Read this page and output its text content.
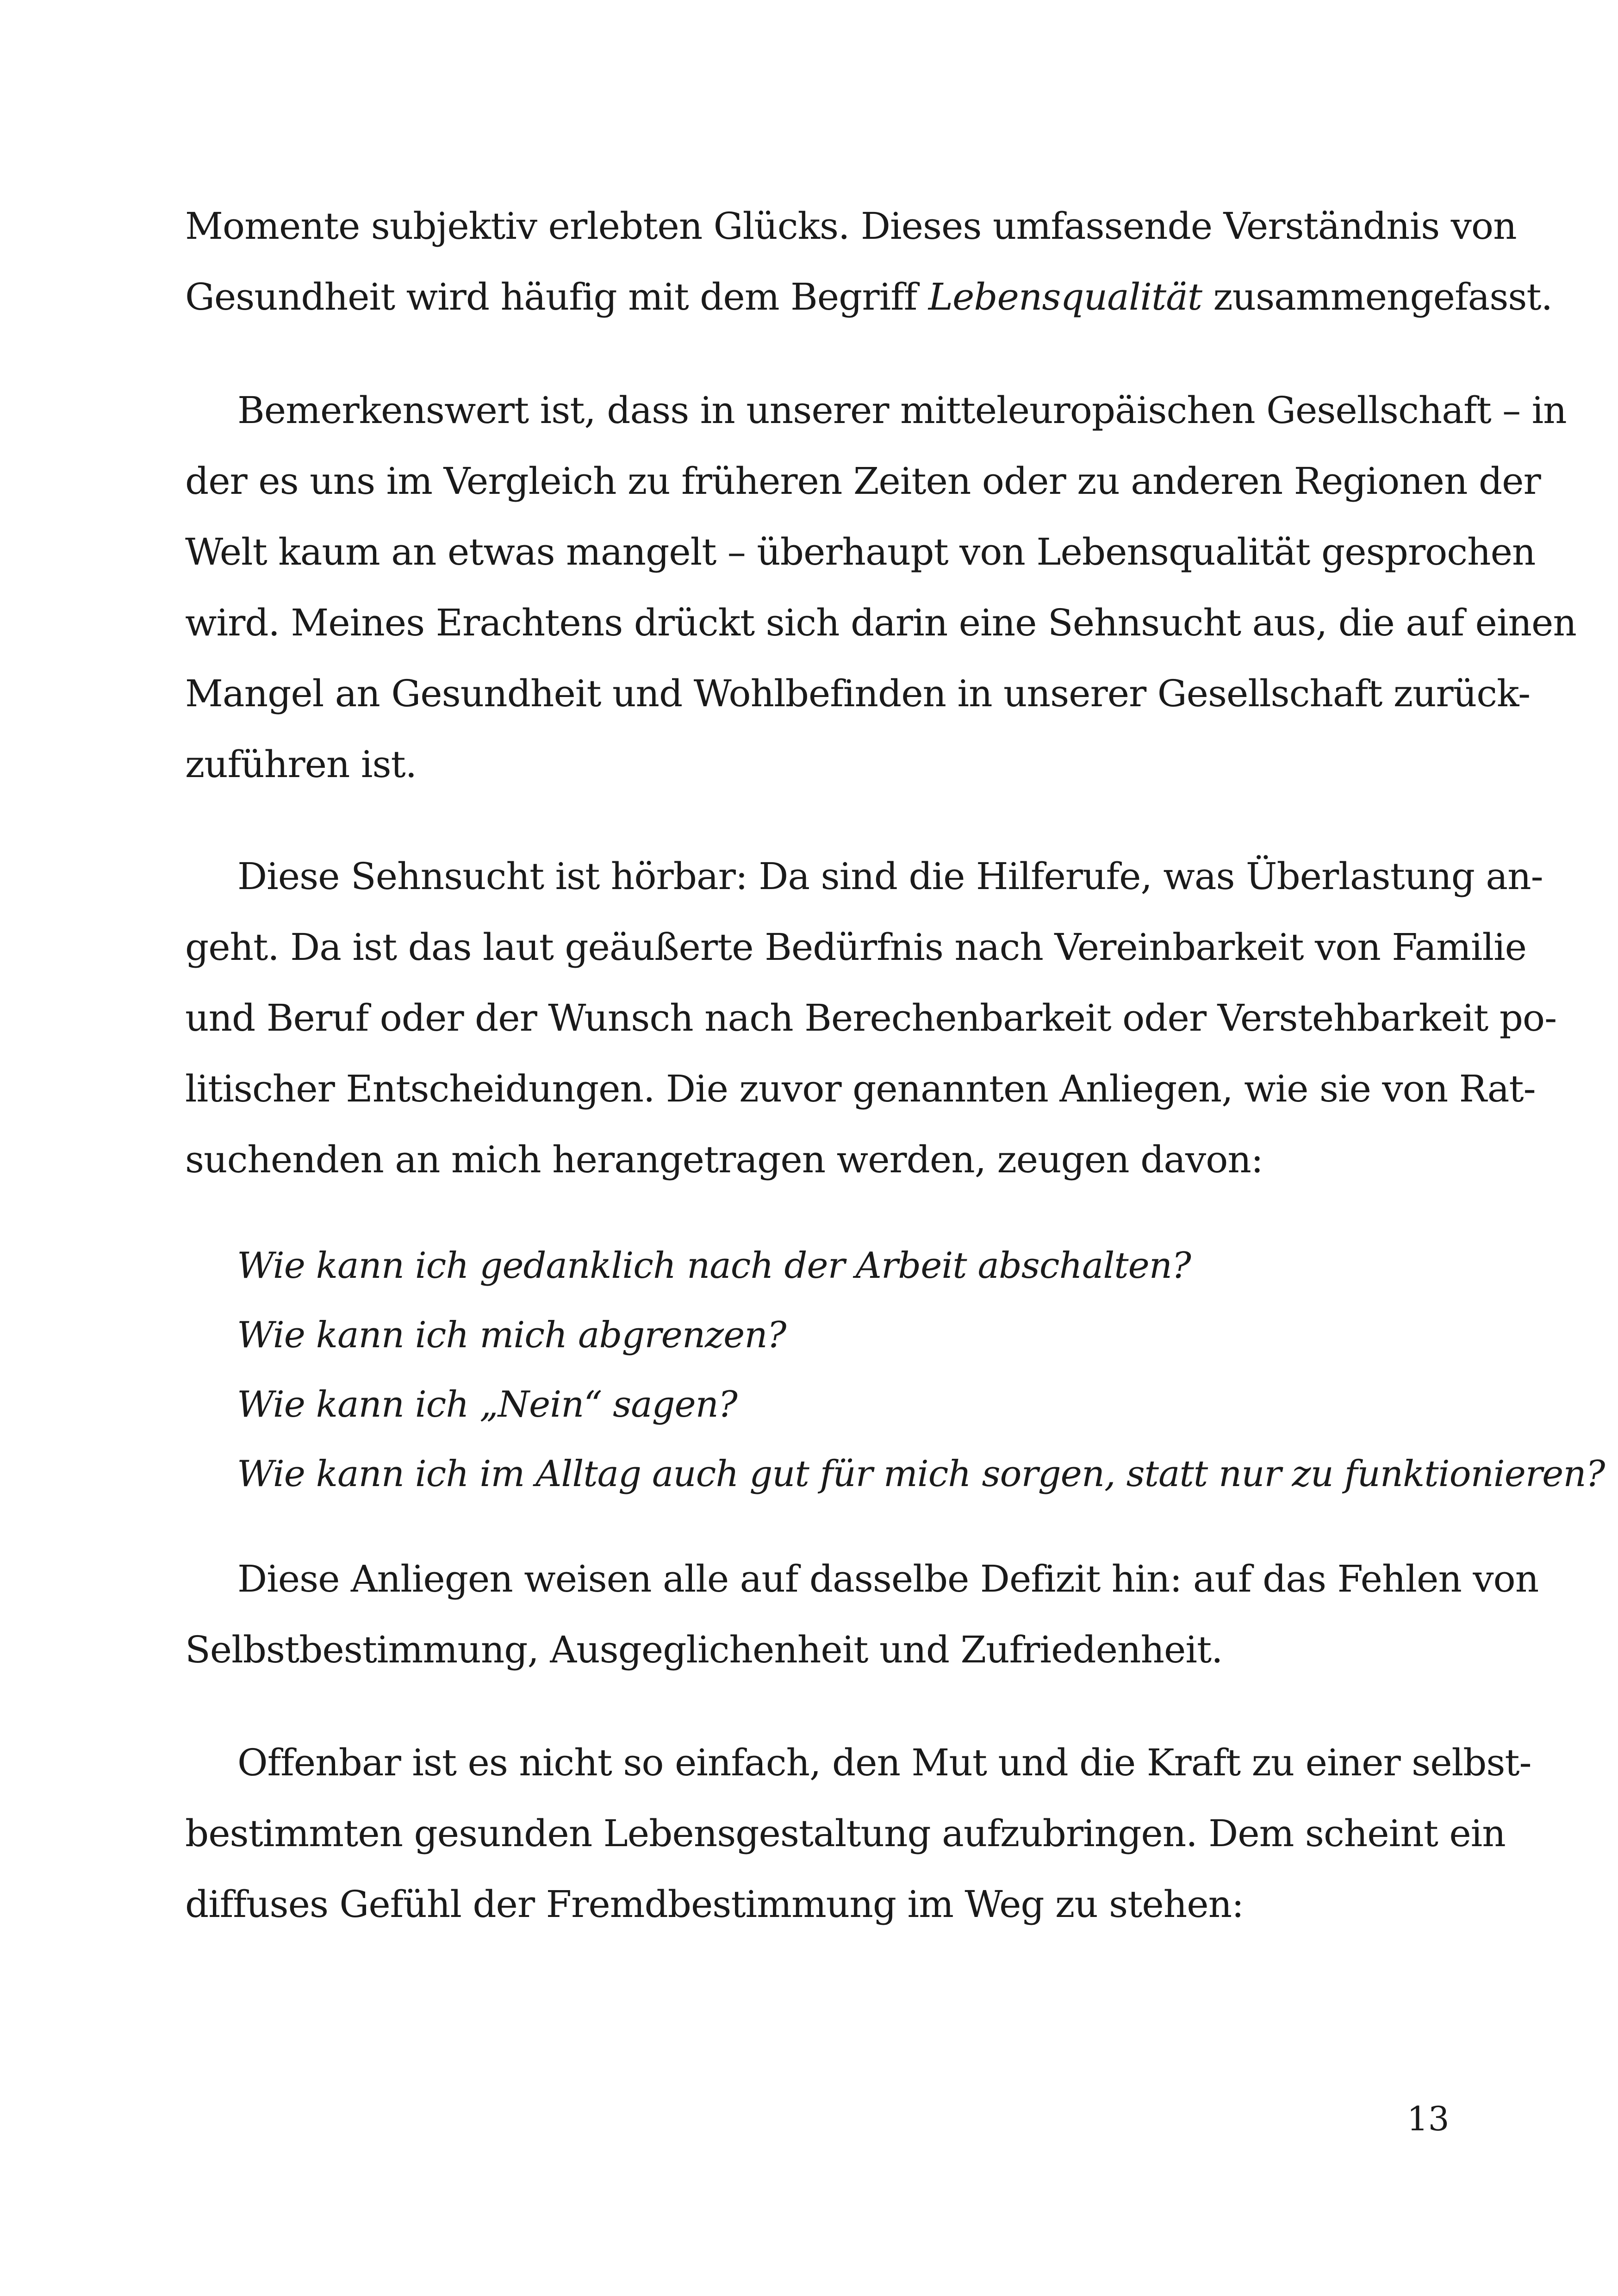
Momente subjektiv erlebten Glücks. Dieses umfassende Verständnis von
Gesundheit wird häufig mit dem Begriff Lebensqualität zusammengefasst.
Bemerkenswert ist, dass in unserer mitteleuropäischen Gesellschaft – in
der es uns im Vergleich zu früheren Zeiten oder zu anderen Regionen der
Welt kaum an etwas mangelt – überhaupt von Lebensqualität gesprochen
wird. Meines Erachtens drückt sich darin eine Sehnsucht aus, die auf einen
Mangel an Gesundheit und Wohlbefinden in unserer Gesellschaft zurück-
zuführen ist.
Diese Sehnsucht ist hörbar: Da sind die Hilferufe, was Überlastung an-
geht. Da ist das laut geäußerte Bedürfnis nach Vereinbarkeit von Familie
und Beruf oder der Wunsch nach Berechenbarkeit oder Verstehbarkeit po-
litischer Entscheidungen. Die zuvor genannten Anliegen, wie sie von Rat-
suchenden an mich herangetragen werden, zeugen davon:
Wie kann ich gedanklich nach der Arbeit abschalten?
Wie kann ich mich abgrenzen?
Wie kann ich „Nein“ sagen?
Wie kann ich im Alltag auch gut für mich sorgen, statt nur zu funktionieren?
Diese Anliegen weisen alle auf dasselbe Defizit hin: auf das Fehlen von
Selbstbestimmung, Ausgeglichenheit und Zufriedenheit.
Offenbar ist es nicht so einfach, den Mut und die Kraft zu einer selbst-
bestimmten gesunden Lebensgestaltung aufzubringen. Dem scheint ein
diffuses Gefühl der Fremdbestimmung im Weg zu stehen:
13
